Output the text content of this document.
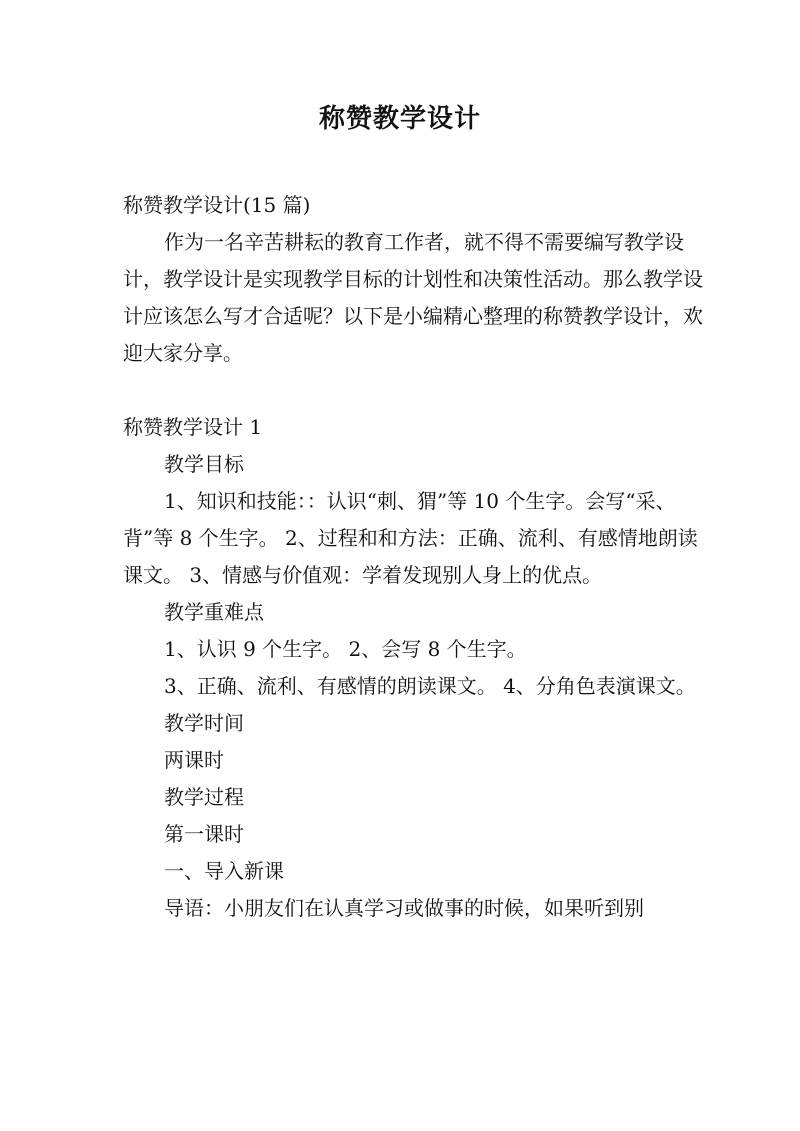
称赞教学设计

称赞教学设计(15 篇)

作为一名辛苦耕耘的教育工作者，就不得不需要编写教学设计，教学设计是实现教学目标的计划性和决策性活动。那么教学设计应该怎么写才合适呢？以下是小编精心整理的称赞教学设计，欢迎大家分享。

称赞教学设计 1

教学目标

1、知识和技能：：认识“刺、猬”等 10 个生字。会写“采、背”等 8 个生字。 2、过程和和方法：正确、流利、有感情地朗读课文。 3、情感与价值观：学着发现别人身上的优点。

教学重难点

1、认识 9 个生字。 2、会写 8 个生字。

3、正确、流利、有感情的朗读课文。 4、分角色表演课文。

教学时间

两课时

教学过程

第一课时

一、导入新课

导语：小朋友们在认真学习或做事的时候，如果听到别
